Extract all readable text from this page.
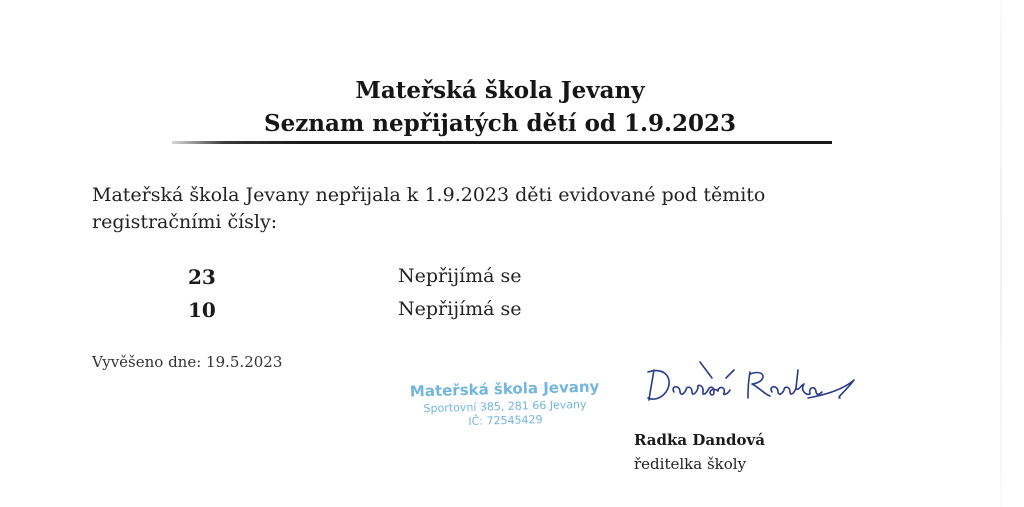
Mateřská škola Jevany
Seznam nepřijatých dětí od 1.9.2023
Mateřská škola Jevany nepřijala k 1.9.2023 děti evidované pod těmito registračními čísly:
23	Nepřijímá se
10	Nepřijímá se
Vyvěšeno dne: 19.5.2023
Mateřská škola Jevany
Sportovní 385, 281 66 Jevany
IČ: 72545429
Radka Dandová
ředitelka školy
